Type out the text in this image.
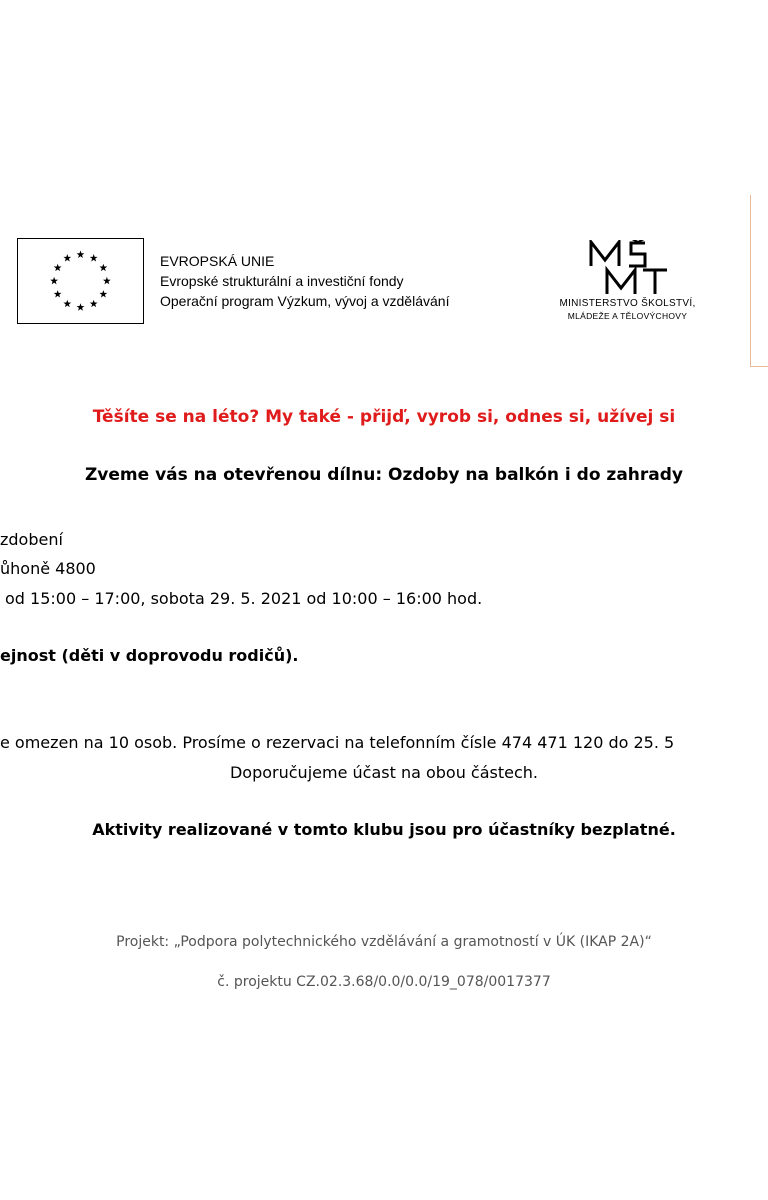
EVROPSKÁ UNIE
Evropské strukturální a investiční fondy
Operační program Výzkum, vývoj a vzdělávání	MINISTERSTVO ŠKOLSTVÍ,
MLÁDEŽE A TĚLOVÝCHOVY
Těšíte se na léto? My také - přijď, vyrob si, odnes si, užívej si
Zveme vás na otevřenou dílnu: Ozdoby na balkón i do zahrady
zdobení
ůhoně 4800
od 15:00 – 17:00, sobota 29. 5. 2021 od 10:00 – 16:00 hod.
ejnost (děti v doprovodu rodičů).
e omezen na 10 osob. Prosíme o rezervaci na telefonním čísle 474 471 120 do 25. 5
Doporučujeme účast na obou částech.
Aktivity realizované v tomto klubu jsou pro účastníky bezplatné.
Projekt: „Podpora polytechnického vzdělávání a gramotností v ÚK (IKAP 2A)“
č. projektu CZ.02.3.68/0.0/0.0/19_078/0017377
